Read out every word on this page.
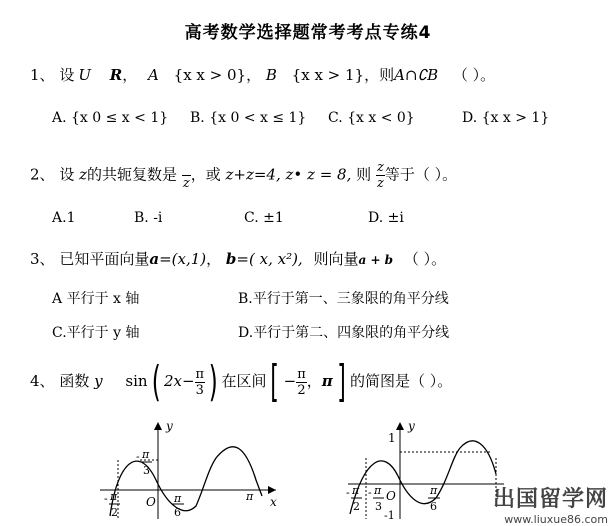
高考数学选择题常考考点专练4
1、 设 U R， A {x x > 0}， B {x x > 1}，则A∩∁B （ ）。
A. {x 0 ≤ x < 1} B. {x 0 < x ≤ 1} C. {x x < 0}	D. {x x > 1}
2、 设 z的共轭复数是
  z ，或 z+z=4, z• z = 8, 则 $\frac{z}{z}$ 等于（ ）。
A.1	B. -i	C. ±1	D. ±i
3、 已知平面向量a=(x,1)， b=( x, x²), 则向量a + b （ ）。
A 平行于 x 轴	B.平行于第一、三象限的角平分线
C.平行于 y 轴	D.平行于第二、四象限的角平分线
4、 函数 y sin( $2x- \frac{\pi}{3}$ ) 在区间[ − $\frac{\pi}{2}$ ，π] 的简图是（ ）。
y
x
O
- π
3
- π
2
π
6
π
y
1
O
- π
2
- π
3
π
6
-1
出国留学网
www.liuxue86.com
